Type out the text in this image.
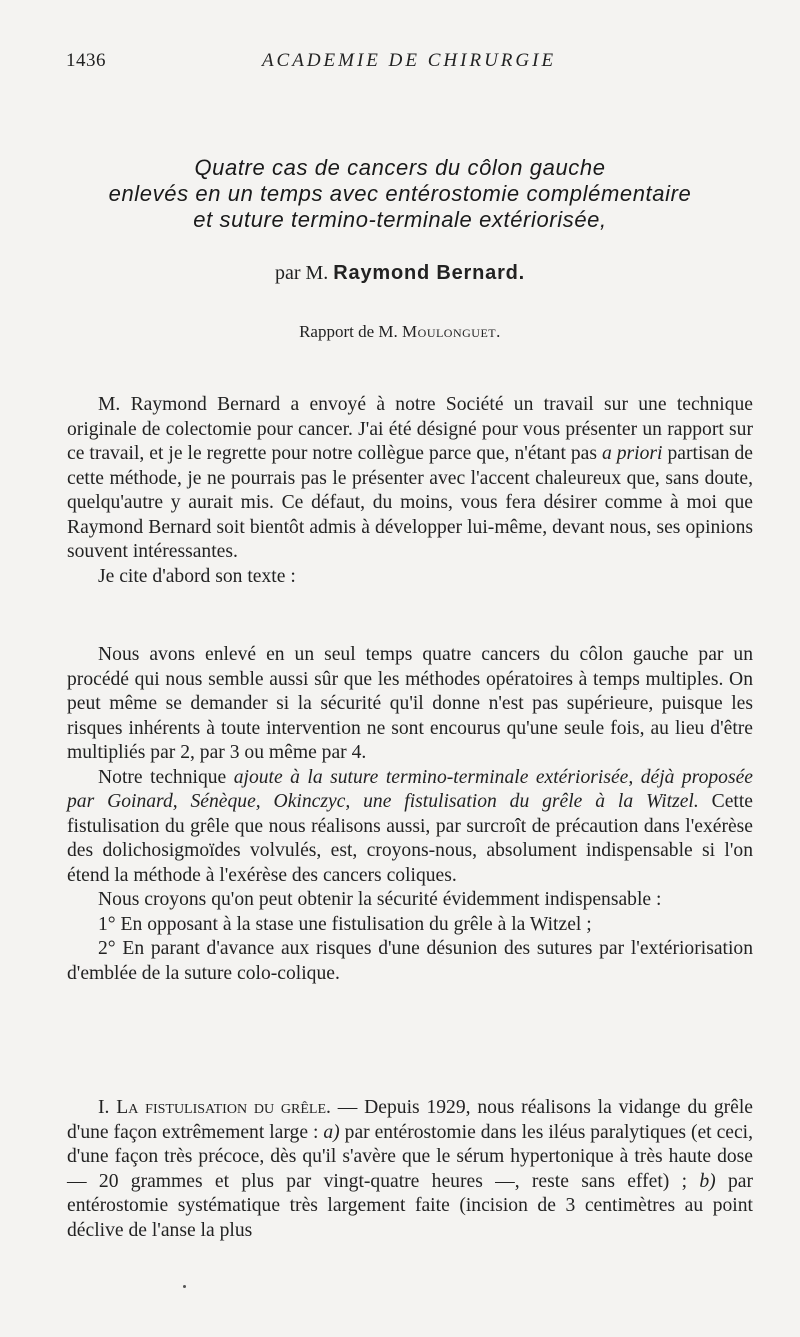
1436	ACADEMIE DE CHIRURGIE
Quatre cas de cancers du côlon gauche
enlevés en un temps avec entérostomie complémentaire
et suture termino-terminale extériorisée,
par M. Raymond Bernard.
Rapport de M. Moulonguet.

M. Raymond Bernard a envoyé à notre Société un travail sur une technique originale de colectomie pour cancer. J'ai été désigné pour vous présenter un rapport sur ce travail, et je le regrette pour notre collègue parce que, n'étant pas a priori partisan de cette méthode, je ne pourrais pas le présenter avec l'accent chaleureux que, sans doute, quelqu'autre y aurait mis. Ce défaut, du moins, vous fera désirer comme à moi que Raymond Bernard soit bientôt admis à développer lui-même, devant nous, ses opinions souvent intéressantes.

Je cite d'abord son texte :

Nous avons enlevé en un seul temps quatre cancers du côlon gauche par un procédé qui nous semble aussi sûr que les méthodes opératoires à temps multiples. On peut même se demander si la sécurité qu'il donne n'est pas supérieure, puisque les risques inhérents à toute intervention ne sont encourus qu'une seule fois, au lieu d'être multipliés par 2, par 3 ou même par 4.

Notre technique ajoute à la suture termino-terminale extériorisée, déjà proposée par Goinard, Sénèque, Okinczyc, une fistulisation du grêle à la Witzel. Cette fistulisation du grêle que nous réalisons aussi, par surcroît de précaution dans l'exérèse des dolichosigmoïdes volvulés, est, croyons-nous, absolument indispensable si l'on étend la méthode à l'exérèse des cancers coliques.

Nous croyons qu'on peut obtenir la sécurité évidemment indispensable :

1° En opposant à la stase une fistulisation du grêle à la Witzel ;

2° En parant d'avance aux risques d'une désunion des sutures par l'extériorisation d'emblée de la suture colo-colique.

I. La fistulisation du grêle. — Depuis 1929, nous réalisons la vidange du grêle d'une façon extrêmement large : a) par entérostomie dans les iléus paralytiques (et ceci, d'une façon très précoce, dès qu'il s'avère que le sérum hypertonique à très haute dose — 20 grammes et plus par vingt-quatre heures —, reste sans effet) ; b) par entérostomie systématique très largement faite (incision de 3 centimètres au point déclive de l'anse la plus
